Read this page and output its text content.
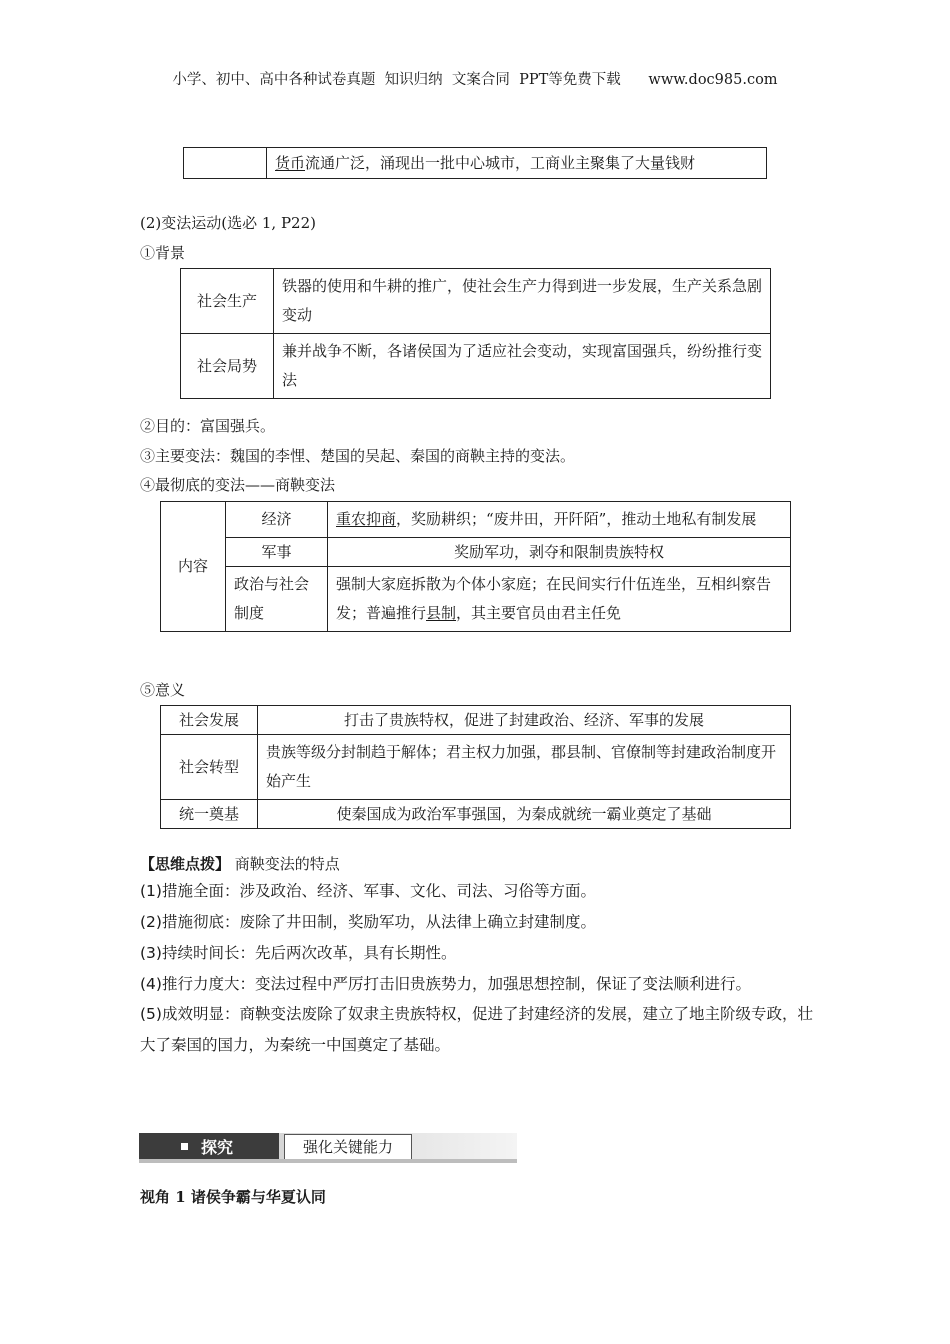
小学、初中、高中各种试卷真题  知识归纳  文案合同  PPT等免费下载      www.doc985.com
	货币流通广泛，涌现出一批中心城市，工商业主聚集了大量钱财
(2)变法运动(选必 1, P22)
①背景
社会生产	铁器的使用和牛耕的推广，使社会生产力得到进一步发展，生产关系急剧变动
社会局势	兼并战争不断，各诸侯国为了适应社会变动，实现富国强兵，纷纷推行变法
②目的：富国强兵。
③主要变法：魏国的李悝、楚国的吴起、秦国的商鞅主持的变法。
④最彻底的变法——商鞅变法
内容	经济	重农抑商，奖励耕织；“废井田，开阡陌”，推动土地私有制发展
	军事	奖励军功，剥夺和限制贵族特权
	政治与社会制度	强制大家庭拆散为个体小家庭；在民间实行什伍连坐，互相纠察告发；普遍推行县制，其主要官员由君主任免
⑤意义
社会发展	打击了贵族特权，促进了封建政治、经济、军事的发展
社会转型	贵族等级分封制趋于解体；君主权力加强，郡县制、官僚制等封建政治制度开始产生
统一奠基	使秦国成为政治军事强国，为秦成就统一霸业奠定了基础
【思维点拨】 商鞅变法的特点
(1)措施全面：涉及政治、经济、军事、文化、司法、习俗等方面。
(2)措施彻底：废除了井田制，奖励军功，从法律上确立封建制度。
(3)持续时间长：先后两次改革，具有长期性。
(4)推行力度大：变法过程中严厉打击旧贵族势力，加强思想控制，保证了变法顺利进行。
(5)成效明显：商鞅变法废除了奴隶主贵族特权，促进了封建经济的发展，建立了地主阶级专政，壮大了秦国的国力，为秦统一中国奠定了基础。
探究	强化关键能力
视角 1 诸侯争霸与华夏认同
